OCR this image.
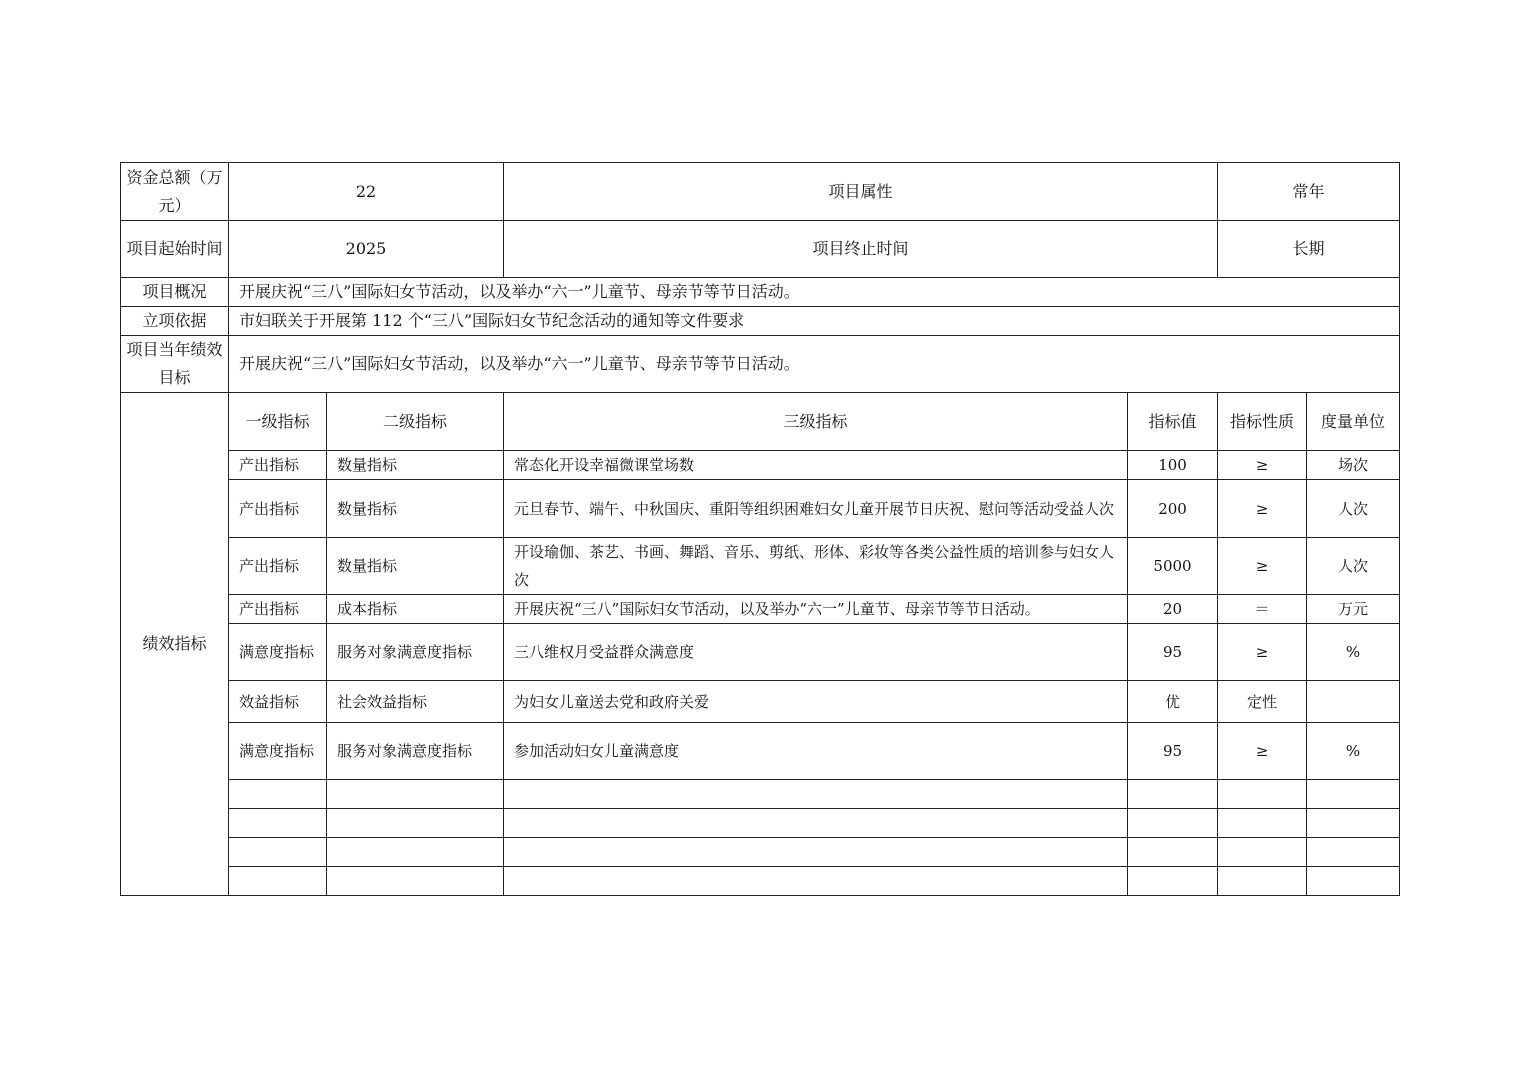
资金总额（万元）	22		项目属性		常年	
项目起始时间	2025		项目终止时间		长期	
项目概况	开展庆祝“三八”国际妇女节活动，以及举办“六一”儿童节、母亲节等节日活动。					
立项依据	市妇联关于开展第 112 个“三八”国际妇女节纪念活动的通知等文件要求					
项目当年绩效目标	开展庆祝“三八”国际妇女节活动，以及举办“六一”儿童节、母亲节等节日活动。					
绩效指标	一级指标	二级指标	三级指标	指标值	指标性质	度量单位
	产出指标	数量指标	常态化开设幸福微课堂场数	100	≥	场次
	产出指标	数量指标	元旦春节、端午、中秋国庆、重阳等组织困难妇女儿童开展节日庆祝、慰问等活动受益人次	200	≥	人次
	产出指标	数量指标	开设瑜伽、茶艺、书画、舞蹈、音乐、剪纸、形体、彩妆等各类公益性质的培训参与妇女人次	5000	≥	人次
	产出指标	成本指标	开展庆祝“三八”国际妇女节活动，以及举办“六一”儿童节、母亲节等节日活动。	20	＝	万元
	满意度指标	服务对象满意度指标	三八维权月受益群众满意度	95	≥	%
	效益指标	社会效益指标	为妇女儿童送去党和政府关爱	优	定性	
	满意度指标	服务对象满意度指标	参加活动妇女儿童满意度	95	≥	%
